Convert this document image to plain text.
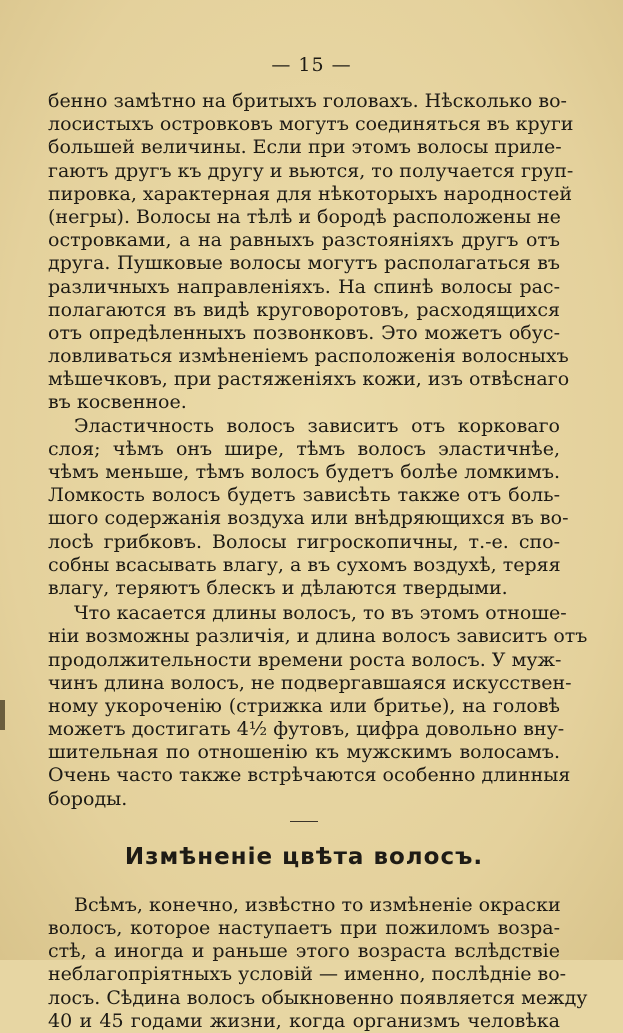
— 15 —
бенно замѣтно на бритыхъ головахъ. Нѣсколько во-
лосистыхъ островковъ могутъ соединяться въ круги
большей величины. Если при этомъ волосы приле-
гаютъ другъ къ другу и вьются, то получается груп-
пировка, характерная для нѣкоторыхъ народностей
(негры). Волосы на тѣлѣ и бородѣ расположены не
островками, а на равныхъ разстояніяхъ другъ отъ
друга. Пушковые волосы могутъ располагаться въ
различныхъ направленіяхъ. На спинѣ волосы рас-
полагаются въ видѣ круговоротовъ, расходящихся
отъ опредѣленныхъ позвонковъ. Это можетъ обус-
ловливаться измѣненіемъ расположенія волосныхъ
мѣшечковъ, при растяженіяхъ кожи, изъ отвѣснаго
въ косвенное.
Эластичность волосъ зависитъ отъ корковаго
слоя; чѣмъ онъ шире, тѣмъ волосъ эластичнѣе,
чѣмъ меньше, тѣмъ волосъ будетъ болѣе ломкимъ.
Ломкость волосъ будетъ зависѣть также отъ боль-
шого содержанія воздуха или внѣдряющихся въ во-
лосѣ грибковъ. Волосы гигроскопичны, т.-е. спо-
собны всасывать влагу, а въ сухомъ воздухѣ, теряя
влагу, теряютъ блескъ и дѣлаются твердыми.
Что касается длины волосъ, то въ этомъ отноше-
ніи возможны различія, и длина волосъ зависитъ отъ
продолжительности времени роста волосъ. У муж-
чинъ длина волосъ, не подвергавшаяся искусствен-
ному укороченію (стрижка или бритье), на головѣ
можетъ достигать 4½ футовъ, цифра довольно вну-
шительная по отношенію къ мужскимъ волосамъ.
Очень часто также встрѣчаются особенно длинныя
бороды.
Измѣненіе цвѣта волосъ.
Всѣмъ, конечно, извѣстно то измѣненіе окраски
волосъ, которое наступаетъ при пожиломъ возра-
стѣ, а иногда и раньше этого возраста вслѣдствіе
неблагопріятныхъ условій — именно, послѣдніе во-
лосъ. Сѣдина волосъ обыкновенно появляется между
40 и 45 годами жизни, когда организмъ человѣка
